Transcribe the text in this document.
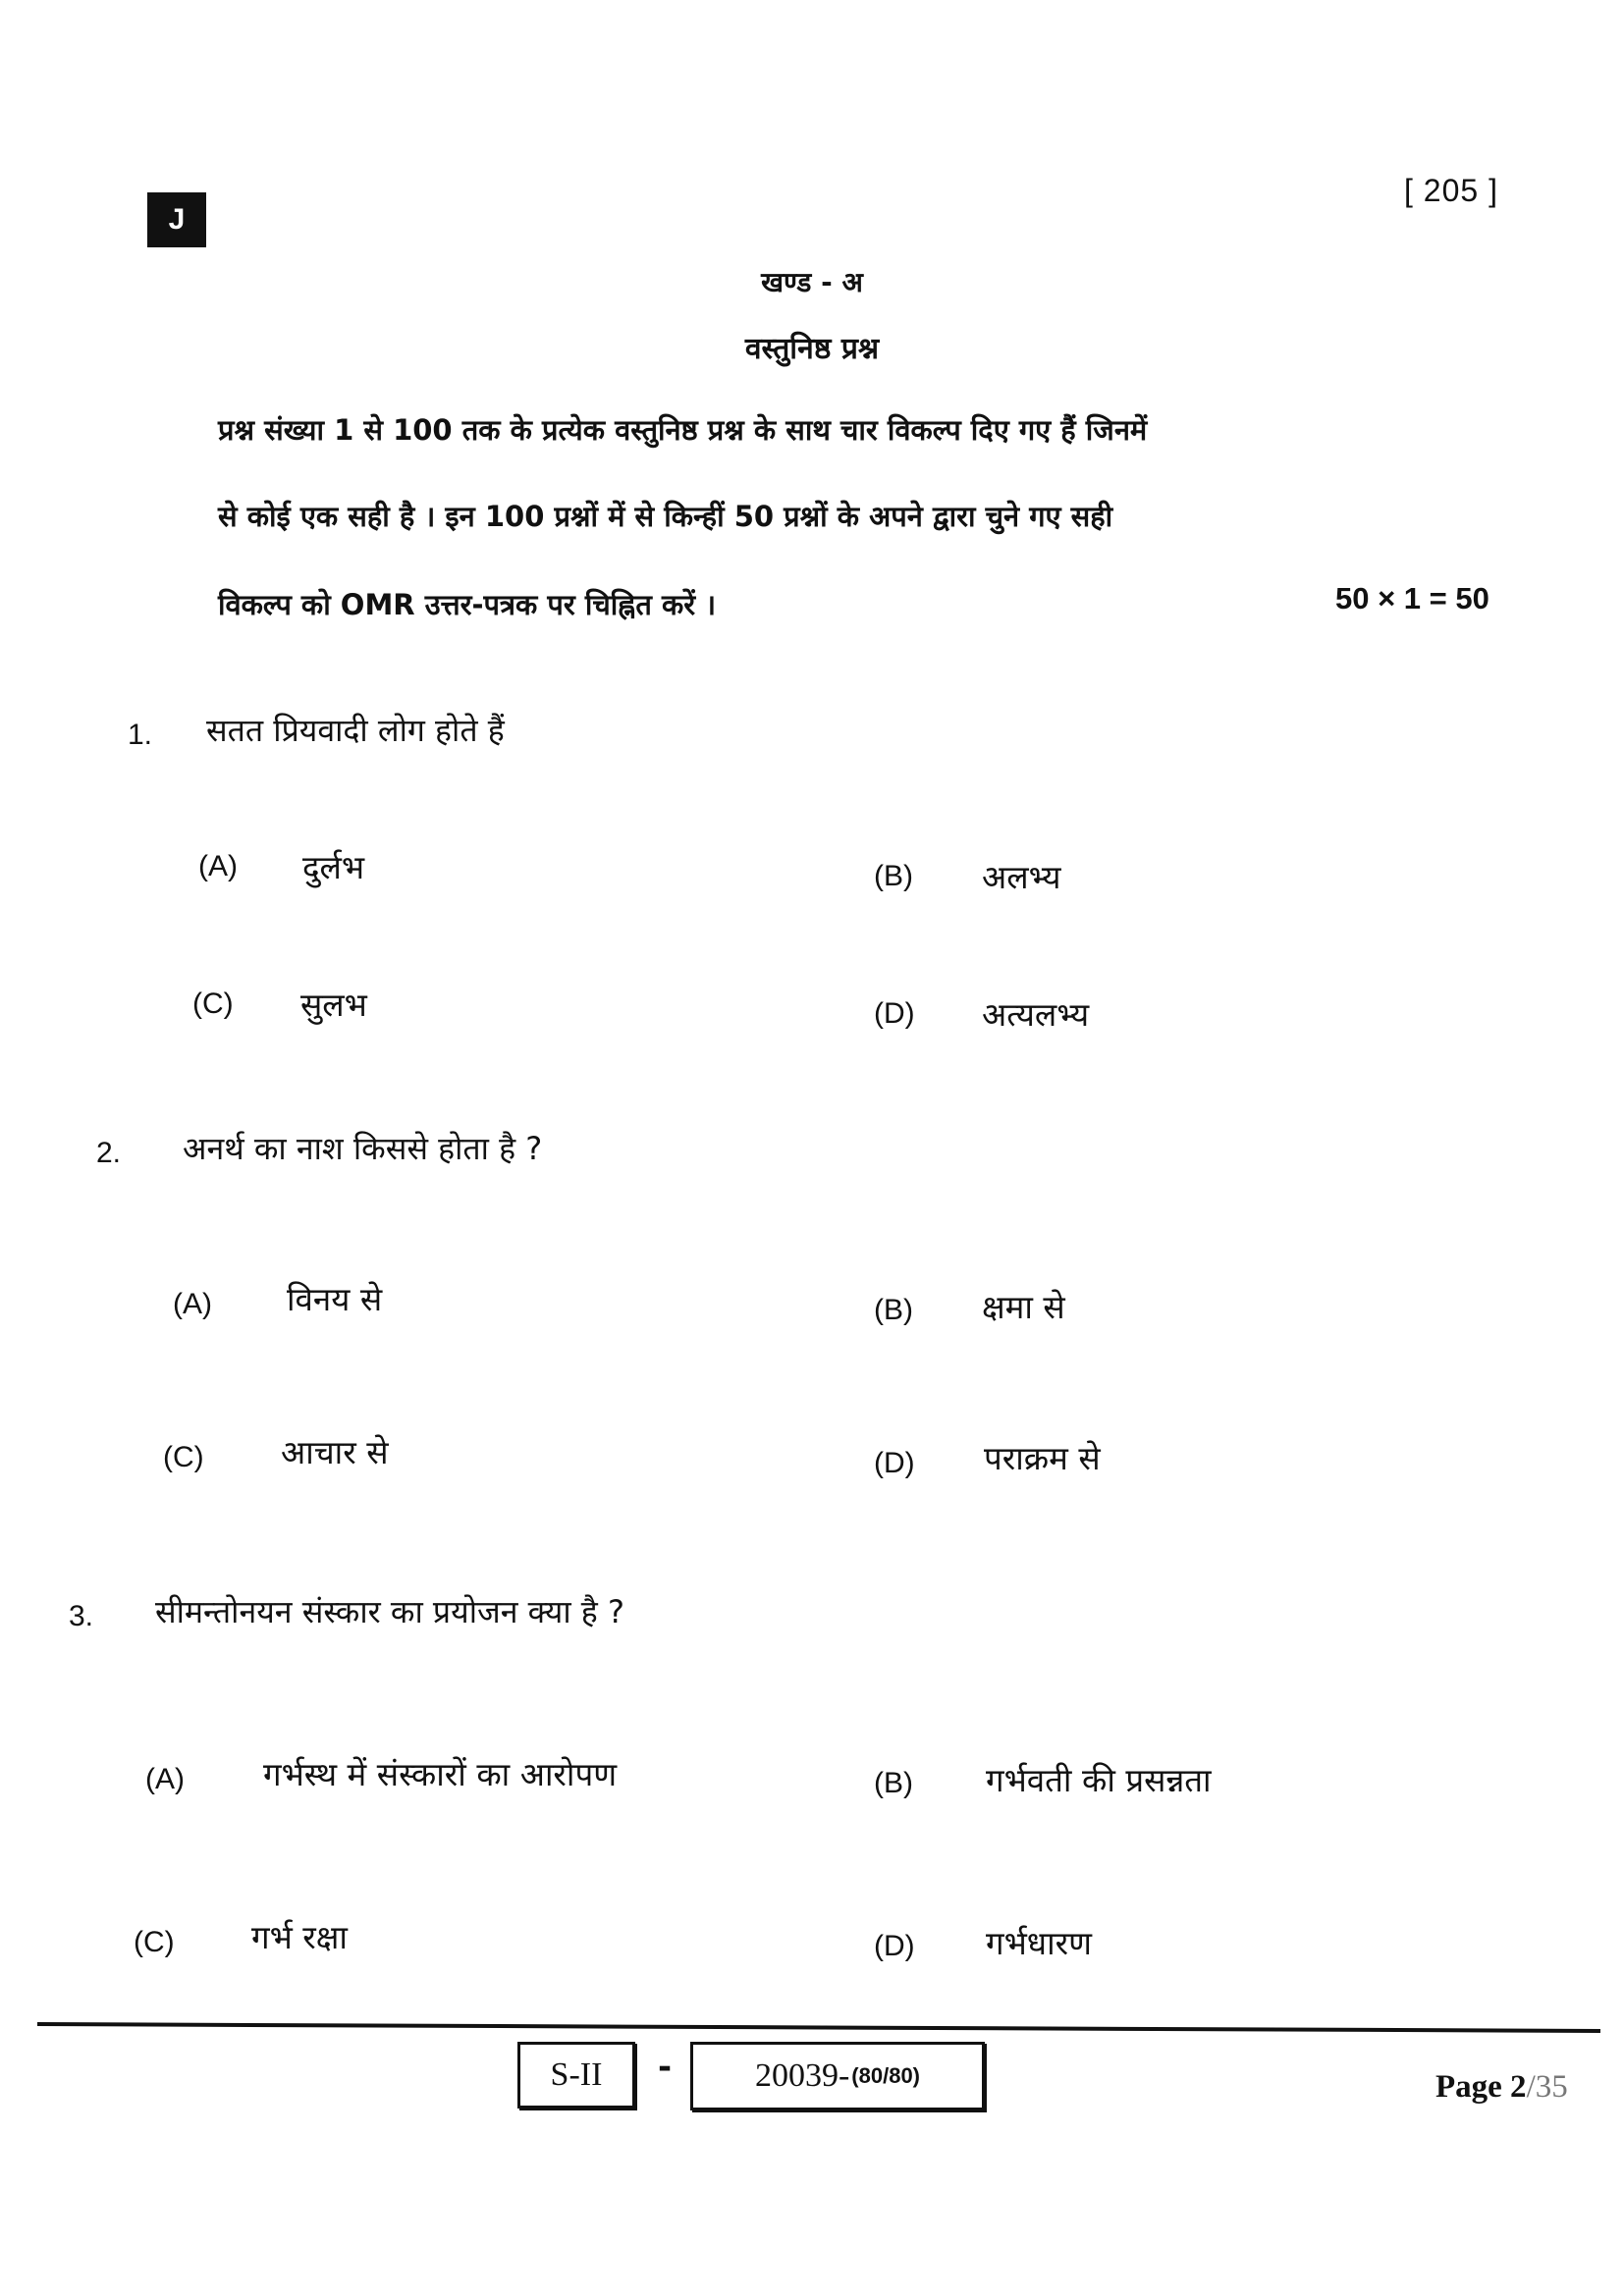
J
[ 205 ]
खण्ड - अ
वस्तुनिष्ठ प्रश्न
प्रश्न संख्या 1 से 100 तक के प्रत्येक वस्तुनिष्ठ प्रश्न के साथ चार विकल्प दिए गए हैं जिनमें
से कोई एक सही है । इन 100 प्रश्नों में से किन्हीं 50 प्रश्नों के अपने द्वारा चुने गए सही
विकल्प को OMR उत्तर-पत्रक पर चिह्नित करें ।	50 × 1 = 50
1. सतत प्रियवादी लोग होते हैं
(A) दुर्लभ	(B) अलभ्य
(C) सुलभ	(D) अत्यलभ्य
2. अनर्थ का नाश किससे होता है ?
(A) विनय से	(B) क्षमा से
(C) आचार से	(D) पराक्रम से
3. सीमन्तोनयन संस्कार का प्रयोजन क्या है ?
(A) गर्भस्थ में संस्कारों का आरोपण	(B) गर्भवती की प्रसन्नता
(C) गर्भ रक्षा	(D) गर्भधारण
S-II - 20039- (80/80)	Page 2/35
